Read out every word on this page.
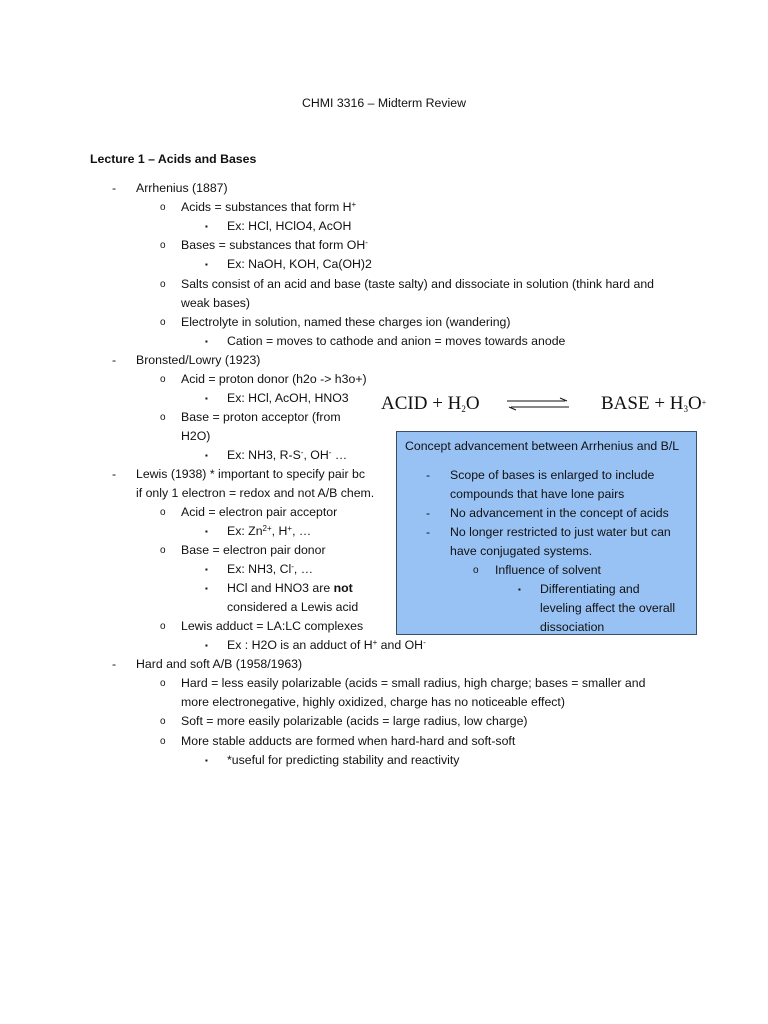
CHMI 3316 – Midterm Review
Lecture 1 – Acids and Bases
- Arrhenius (1887)
o Acids = substances that form H+
▪ Ex: HCl, HClO4, AcOH
o Bases = substances that form OH-
▪ Ex: NaOH, KOH, Ca(OH)2
o Salts consist of an acid and base (taste salty) and dissociate in solution (think hard and
weak bases)
o Electrolyte in solution, named these charges ion (wandering)
▪ Cation = moves to cathode and anion = moves towards anode
- Bronsted/Lowry (1923)
o Acid = proton donor (h2o -> h3o+)
▪ Ex: HCl, AcOH, HNO3
o Base = proton acceptor (from
H2O)
▪ Ex: NH3, R-S-, OH- …
- Lewis (1938) * important to specify pair bc
if only 1 electron = redox and not A/B chem.
o Acid = electron pair acceptor
▪ Ex: $Zn^{2+}$, H+, …
o Base = electron pair donor
▪ Ex: NH3, Cl-, …
▪ HCl and HNO3 are not
considered a Lewis acid
o Lewis adduct = LA:LC complexes
▪ Ex : H2O is an adduct of H+ and OH-
- Hard and soft A/B (1958/1963)
o Hard = less easily polarizable (acids = small radius, high charge; bases = smaller and
more electronegative, highly oxidized, charge has no noticeable effect)
o Soft = more easily polarizable (acids = large radius, low charge)
o More stable adducts are formed when hard-hard and soft-soft
▪ *useful for predicting stability and reactivity
ACID + $H_2O$	BASE + $H_3O^+$
Concept advancement between Arrhenius and B/L
- Scope of bases is enlarged to include
compounds that have lone pairs
- No advancement in the concept of acids
- No longer restricted to just water but can
have conjugated systems.
o Influence of solvent
▪ Differentiating and
leveling affect the overall
dissociation
